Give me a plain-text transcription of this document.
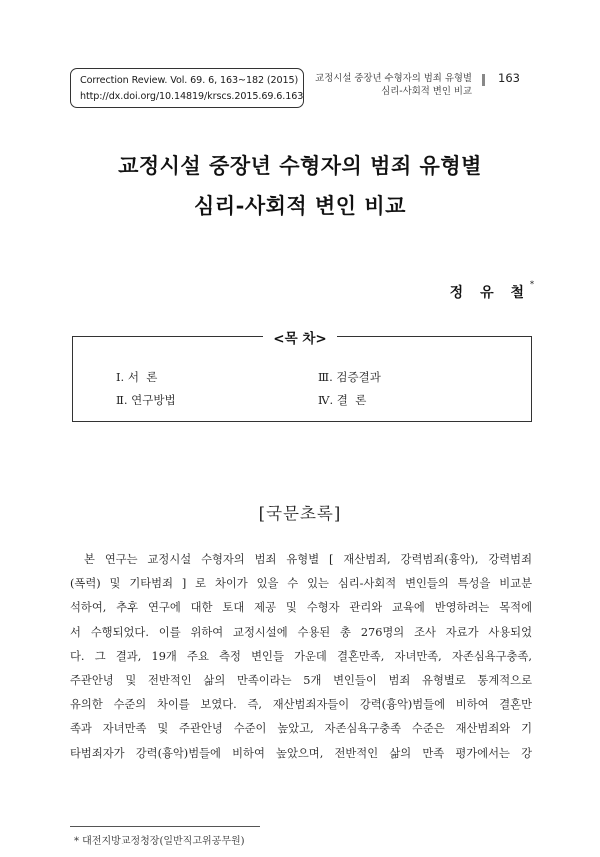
Correction Review. Vol. 69. 6, 163~182 (2015)
http://dx.doi.org/10.14819/krscs.2015.69.6.163
교정시설 중장년 수형자의 범죄 유형별
심리-사회적 변인 비교
163
교정시설 중장년 수형자의 범죄 유형별
심리-사회적 변인 비교
정 유 철*
<목 차>
Ⅰ. 서  론	Ⅲ. 검증결과
Ⅱ. 연구방법	Ⅳ. 결  론
[국문초록]
본 연구는 교정시설 수형자의 범죄 유형별 [ 재산범죄, 강력범죄(흉악), 강력범죄
(폭력) 및 기타범죄 ] 로 차이가 있을 수 있는 심리-사회적 변인들의 특성을 비교분
석하여, 추후 연구에 대한 토대 제공 및 수형자 관리와 교육에 반영하려는 목적에
서 수행되었다. 이를 위하여 교정시설에 수용된 총 276명의 조사 자료가 사용되었
다. 그 결과, 19개 주요 측정 변인들 가운데 결혼만족, 자녀만족, 자존심욕구충족,
주관안녕 및 전반적인 삶의 만족이라는 5개 변인들이 범죄 유형별로 통계적으로
유의한 수준의 차이를 보였다. 즉, 재산범죄자들이 강력(흉악)범들에 비하여 결혼만
족과 자녀만족 및 주관안녕 수준이 높았고, 자존심욕구충족 수준은 재산범죄와 기
타범죄자가 강력(흉악)범들에 비하여 높았으며, 전반적인 삶의 만족 평가에서는 강
* 대전지방교정청장(일반직고위공무원)
